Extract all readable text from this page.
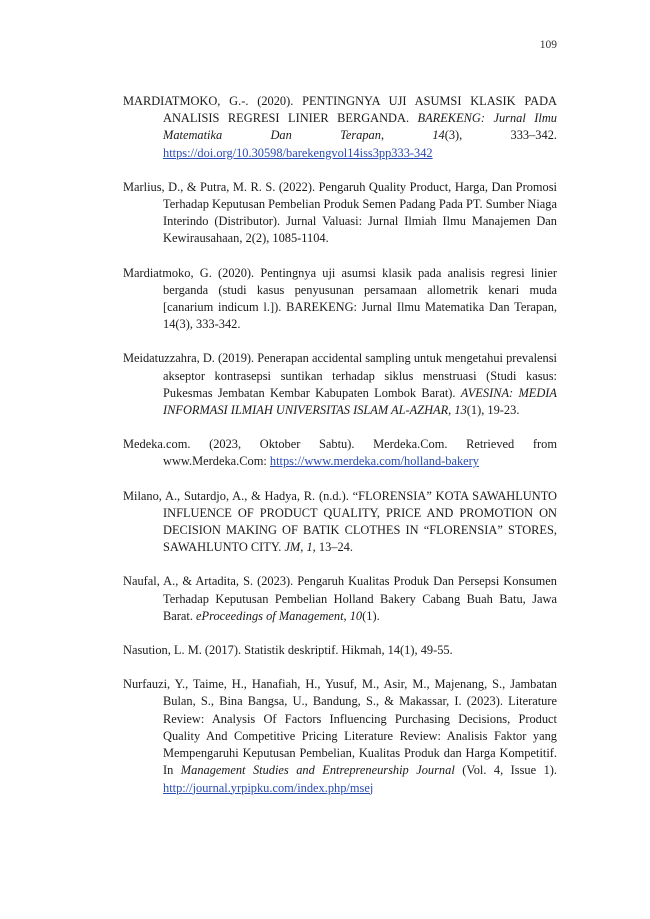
109
MARDIATMOKO, G.-. (2020). PENTINGNYA UJI ASUMSI KLASIK PADA ANALISIS REGRESI LINIER BERGANDA. BAREKENG: Jurnal Ilmu Matematika Dan Terapan, 14(3), 333–342. https://doi.org/10.30598/barekengvol14iss3pp333-342
Marlius, D., & Putra, M. R. S. (2022). Pengaruh Quality Product, Harga, Dan Promosi Terhadap Keputusan Pembelian Produk Semen Padang Pada PT. Sumber Niaga Interindo (Distributor). Jurnal Valuasi: Jurnal Ilmiah Ilmu Manajemen Dan Kewirausahaan, 2(2), 1085-1104.
Mardiatmoko, G. (2020). Pentingnya uji asumsi klasik pada analisis regresi linier berganda (studi kasus penyusunan persamaan allometrik kenari muda [canarium indicum l.]). BAREKENG: Jurnal Ilmu Matematika Dan Terapan, 14(3), 333-342.
Meidatuzzahra, D. (2019). Penerapan accidental sampling untuk mengetahui prevalensi akseptor kontrasepsi suntikan terhadap siklus menstruasi (Studi kasus: Pukesmas Jembatan Kembar Kabupaten Lombok Barat). AVESINA: MEDIA INFORMASI ILMIAH UNIVERSITAS ISLAM AL-AZHAR, 13(1), 19-23.
Medeka.com. (2023, Oktober Sabtu). Merdeka.Com. Retrieved from www.Merdeka.Com: https://www.merdeka.com/holland-bakery
Milano, A., Sutardjo, A., & Hadya, R. (n.d.). “FLORENSIA” KOTA SAWAHLUNTO INFLUENCE OF PRODUCT QUALITY, PRICE AND PROMOTION ON DECISION MAKING OF BATIK CLOTHES IN “FLORENSIA” STORES, SAWAHLUNTO CITY. JM, 1, 13–24.
Naufal, A., & Artadita, S. (2023). Pengaruh Kualitas Produk Dan Persepsi Konsumen Terhadap Keputusan Pembelian Holland Bakery Cabang Buah Batu, Jawa Barat. eProceedings of Management, 10(1).
Nasution, L. M. (2017). Statistik deskriptif. Hikmah, 14(1), 49-55.
Nurfauzi, Y., Taime, H., Hanafiah, H., Yusuf, M., Asir, M., Majenang, S., Jambatan Bulan, S., Bina Bangsa, U., Bandung, S., & Makassar, I. (2023). Literature Review: Analysis Of Factors Influencing Purchasing Decisions, Product Quality And Competitive Pricing Literature Review: Analisis Faktor yang Mempengaruhi Keputusan Pembelian, Kualitas Produk dan Harga Kompetitif. In Management Studies and Entrepreneurship Journal (Vol. 4, Issue 1). http://journal.yrpipku.com/index.php/msej
